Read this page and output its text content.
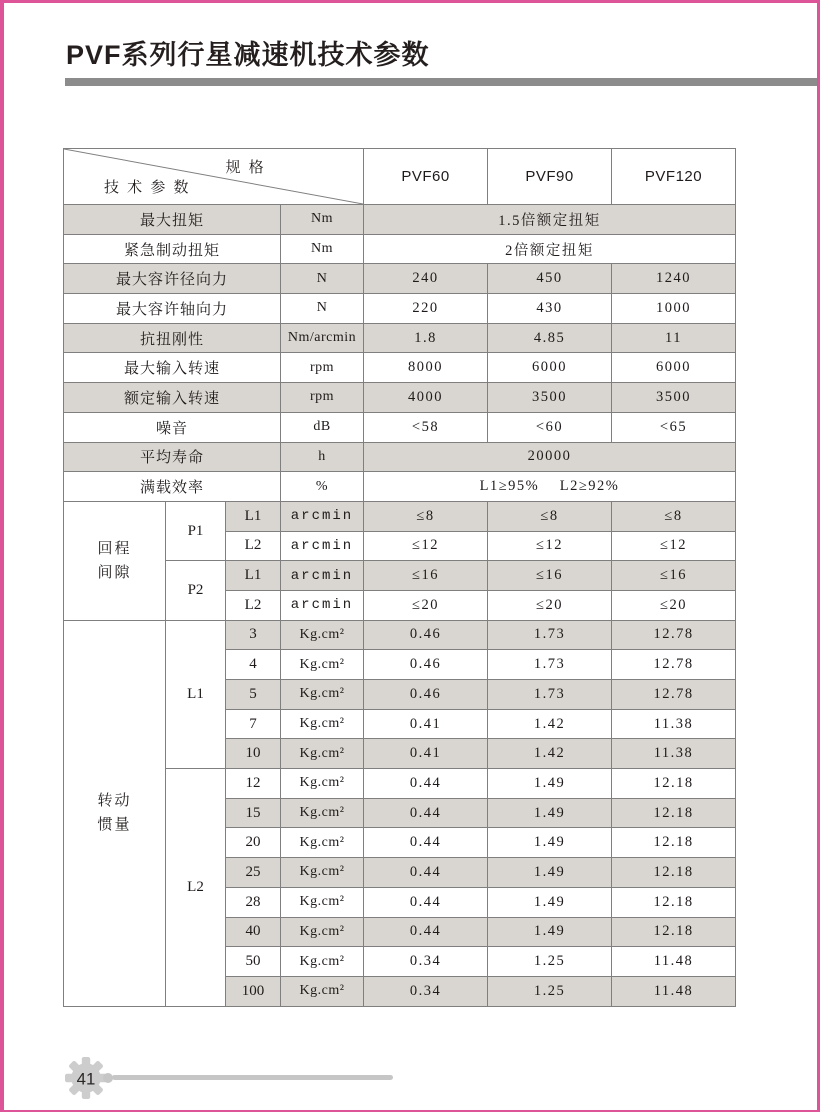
PVF系列行星减速机技术参数
规 格
技 术 参 数				PVF60	PVF90	PVF120
最大扭矩			Nm	1.5倍额定扭矩		
紧急制动扭矩			Nm	2倍额定扭矩		
最大容许径向力			N	240	450	1240
最大容许轴向力			N	220	430	1000
抗扭刚性			Nm/arcmin	1.8	4.85	11
最大输入转速			rpm	8000	6000	6000
额定输入转速			rpm	4000	3500	3500
噪音			dB	<58	<60	<65
平均寿命			h	20000		
满载效率			%	L1≥95%    L2≥92%		
回程间隙	P1	L1	arcmin	≤8	≤8	≤8
		L2	arcmin	≤12	≤12	≤12
	P2	L1	arcmin	≤16	≤16	≤16
		L2	arcmin	≤20	≤20	≤20
转动惯量	L1	3	Kg.cm²	0.46	1.73	12.78
		4	Kg.cm²	0.46	1.73	12.78
		5	Kg.cm²	0.46	1.73	12.78
		7	Kg.cm²	0.41	1.42	11.38
		10	Kg.cm²	0.41	1.42	11.38
	L2	12	Kg.cm²	0.44	1.49	12.18
		15	Kg.cm²	0.44	1.49	12.18
		20	Kg.cm²	0.44	1.49	12.18
		25	Kg.cm²	0.44	1.49	12.18
		28	Kg.cm²	0.44	1.49	12.18
		40	Kg.cm²	0.44	1.49	12.18
		50	Kg.cm²	0.34	1.25	11.48
		100	Kg.cm²	0.34	1.25	11.48
41
